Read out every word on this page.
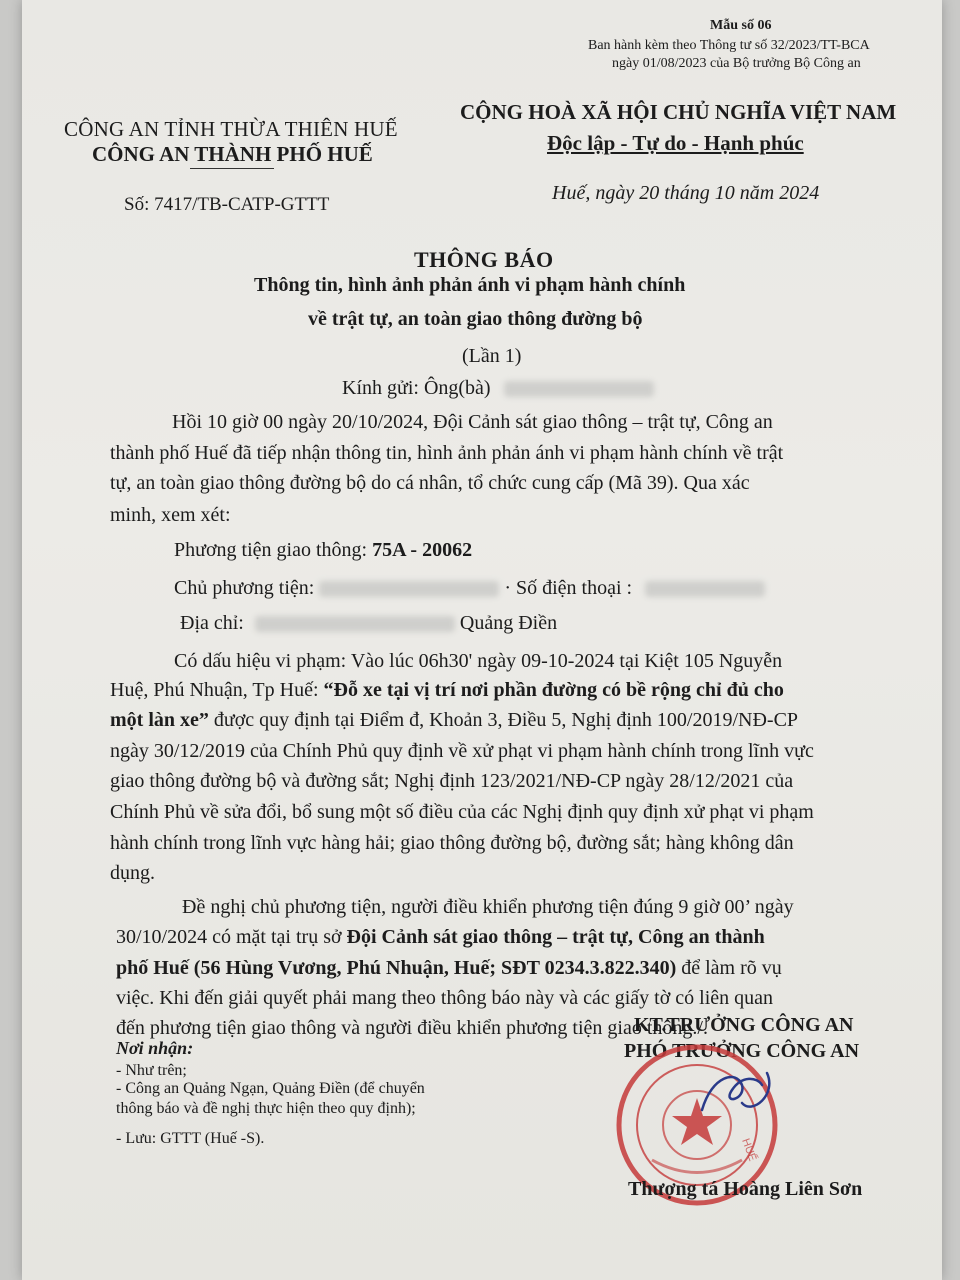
Mẫu số 06
Ban hành kèm theo Thông tư số 32/2023/TT-BCA
ngày 01/08/2023 của Bộ trưởng Bộ Công an
CÔNG AN TỈNH THỪA THIÊN HUẾ
CÔNG AN THÀNH PHỐ HUẾ
Số: 7417/TB-CATP-GTTT
CỘNG HOÀ XÃ HỘI CHỦ NGHĨA VIỆT NAM
Độc lập - Tự do - Hạnh phúc
Huế, ngày 20 tháng 10 năm 2024
THÔNG BÁO
Thông tin, hình ảnh phản ánh vi phạm hành chính
về trật tự, an toàn giao thông đường bộ
(Lần 1)
Kính gửi: Ông(bà)
Hồi 10 giờ 00 ngày 20/10/2024, Đội Cảnh sát giao thông – trật tự, Công an
thành phố Huế đã tiếp nhận thông tin, hình ảnh phản ánh vi phạm hành chính về trật
tự, an toàn giao thông đường bộ do cá nhân, tổ chức cung cấp (Mã 39). Qua xác
minh, xem xét:
Phương tiện giao thông: 75A - 20062
Chủ phương tiện:	· Số điện thoại :
Địa chỉ:	Quảng Điền
Có dấu hiệu vi phạm: Vào lúc 06h30' ngày 09-10-2024 tại Kiệt 105 Nguyễn
Huệ, Phú Nhuận, Tp Huế: “Đỗ xe tại vị trí nơi phần đường có bề rộng chỉ đủ cho
một làn xe” được quy định tại Điểm đ, Khoản 3, Điều 5, Nghị định 100/2019/NĐ-CP
ngày 30/12/2019 của Chính Phủ quy định về xử phạt vi phạm hành chính trong lĩnh vực
giao thông đường bộ và đường sắt; Nghị định 123/2021/NĐ-CP ngày 28/12/2021 của
Chính Phủ về sửa đổi, bổ sung một số điều của các Nghị định quy định xử phạt vi phạm
hành chính trong lĩnh vực hàng hải; giao thông đường bộ, đường sắt; hàng không dân
dụng.
Đề nghị chủ phương tiện, người điều khiển phương tiện đúng 9 giờ 00’ ngày
30/10/2024 có mặt tại trụ sở Đội Cảnh sát giao thông – trật tự, Công an thành
phố Huế (56 Hùng Vương, Phú Nhuận, Huế; SĐT 0234.3.822.340) để làm rõ vụ
việc. Khi đến giải quyết phải mang theo thông báo này và các giấy tờ có liên quan
đến phương tiện giao thông và người điều khiển phương tiện giao thông./.
Nơi nhận:
- Như trên;
- Công an Quảng Ngạn, Quảng Điền (để chuyển
thông báo và đề nghị thực hiện theo quy định);
- Lưu: GTTT (Huế -S).
KT.TRƯỞNG CÔNG AN
PHÓ TRƯỞNG CÔNG AN
HUẾ
Thượng tá Hoàng Liên Sơn
